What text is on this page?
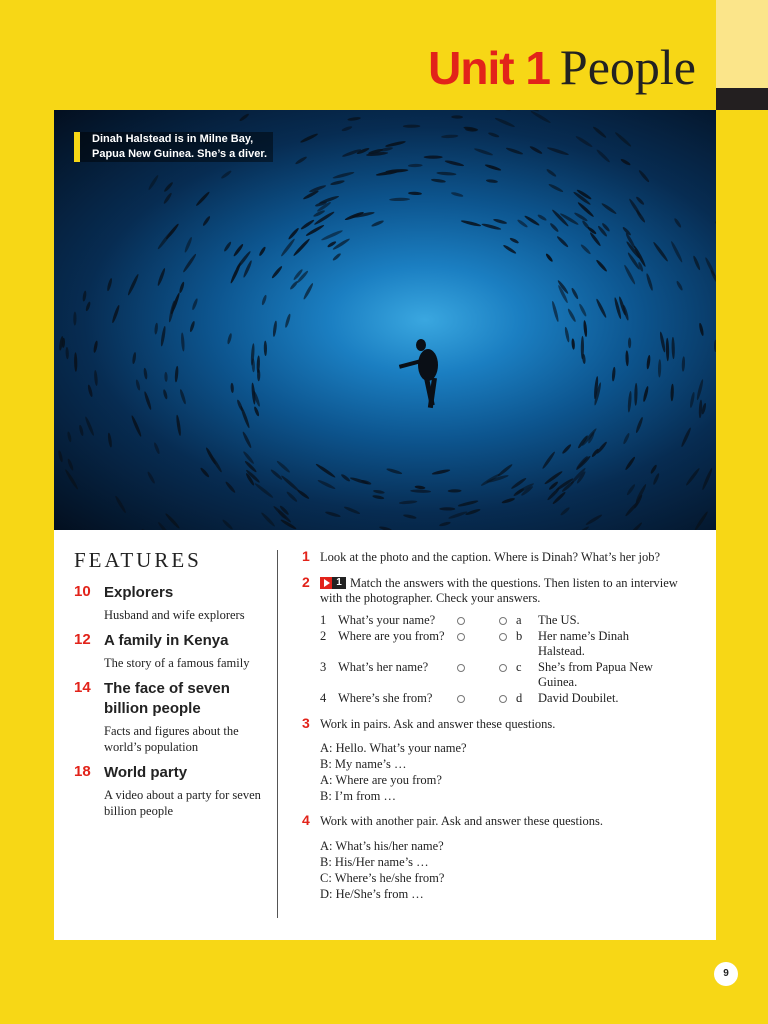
Unit 1 People
Dinah Halstead is in Milne Bay,
Papua New Guinea. She’s a diver.
FEATURES
10 Explorers
Husband and wife explorers
12 A family in Kenya
The story of a famous family
14 The face of seven billion people
Facts and figures about the world’s population
18 World party
A video about a party for seven billion people
1 Look at the photo and the caption. Where is Dinah? What’s her job?
2	1 Match the answers with the questions. Then listen to an interview with the photographer. Check your answers.
1 What’s your name?	a The US.
2 Where are you from?	b Her name’s Dinah Halstead.
3 What’s her name?	c She’s from Papua New Guinea.
4 Where’s she from?	d David Doubilet.
3 Work in pairs. Ask and answer these questions.
A: Hello. What’s your name?
B: My name’s …
A: Where are you from?
B: I’m from …
4 Work with another pair. Ask and answer these questions.
A: What’s his/her name?
B: His/Her name’s …
C: Where’s he/she from?
D: He/She’s from …
9
